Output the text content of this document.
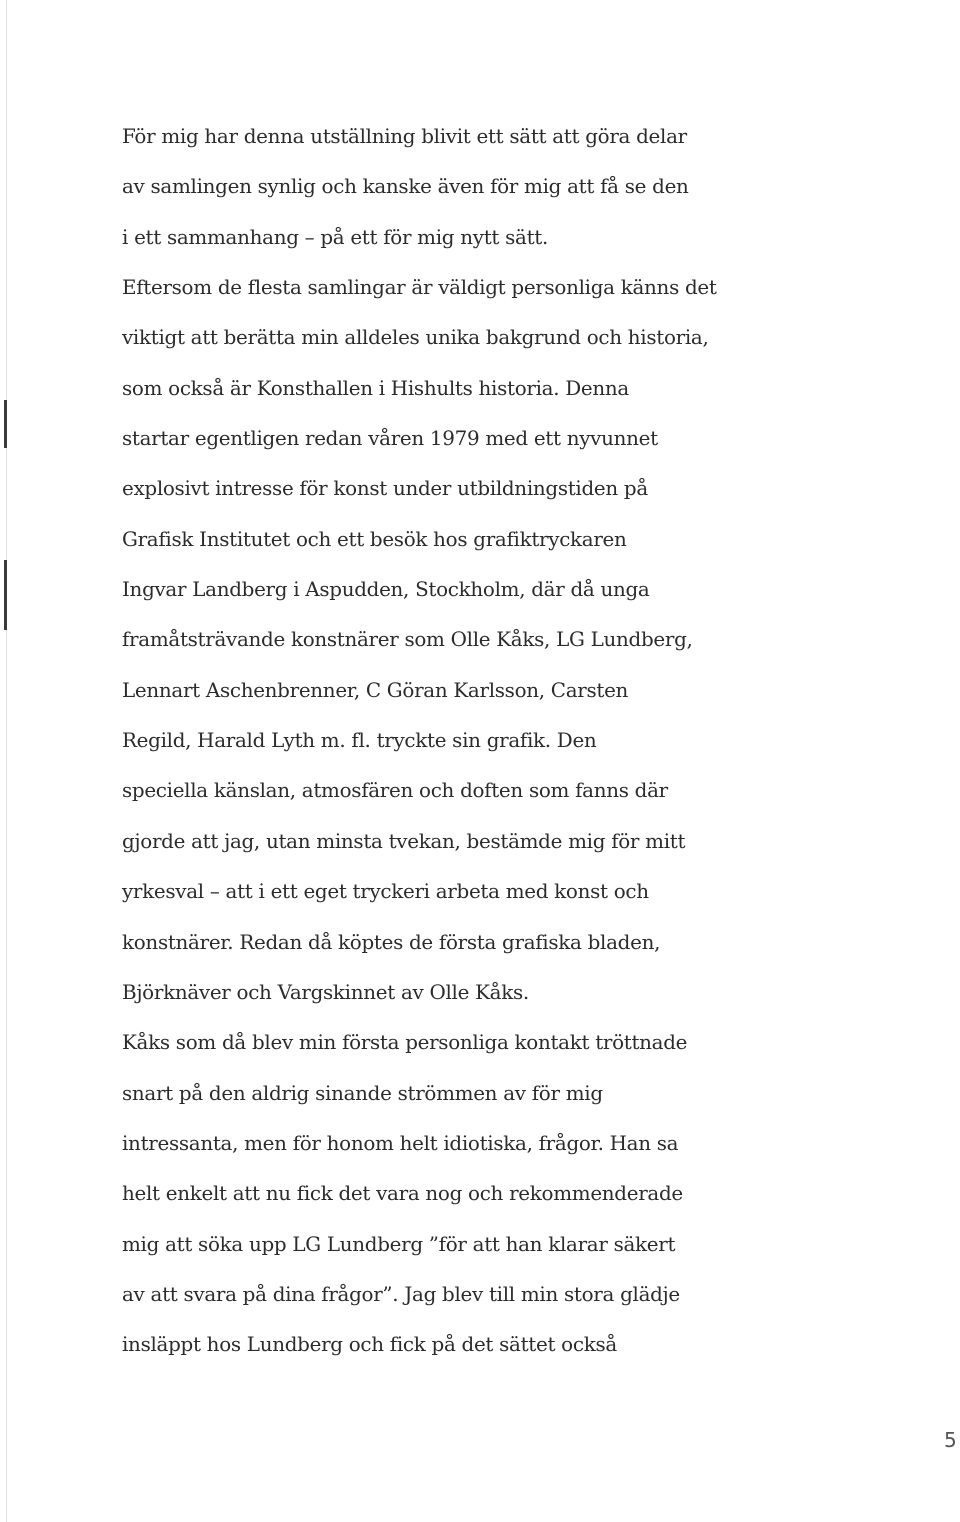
För mig har denna utställning blivit ett sätt att göra delar
av samlingen synlig och kanske även för mig att få se den
i ett sammanhang – på ett för mig nytt sätt.
Eftersom de flesta samlingar är väldigt personliga känns det
viktigt att berätta min alldeles unika bakgrund och historia,
som också är Konsthallen i Hishults historia. Denna
startar egentligen redan våren 1979 med ett nyvunnet
explosivt intresse för konst under utbildningstiden på
Grafisk Institutet och ett besök hos grafiktryckaren
Ingvar Landberg i Aspudden, Stockholm, där då unga
framåtsträvande konstnärer som Olle Kåks, LG Lundberg,
Lennart Aschenbrenner, C Göran Karlsson, Carsten
Regild, Harald Lyth m. fl. tryckte sin grafik. Den
speciella känslan, atmosfären och doften som fanns där
gjorde att jag, utan minsta tvekan, bestämde mig för mitt
yrkesval – att i ett eget tryckeri arbeta med konst och
konstnärer. Redan då köptes de första grafiska bladen,
Björknäver och Vargskinnet av Olle Kåks.
Kåks som då blev min första personliga kontakt tröttnade
snart på den aldrig sinande strömmen av för mig
intressanta, men för honom helt idiotiska, frågor. Han sa
helt enkelt att nu fick det vara nog och rekommenderade
mig att söka upp LG Lundberg ”för att han klarar säkert
av att svara på dina frågor”. Jag blev till min stora glädje
insläppt hos Lundberg och fick på det sättet också
5
